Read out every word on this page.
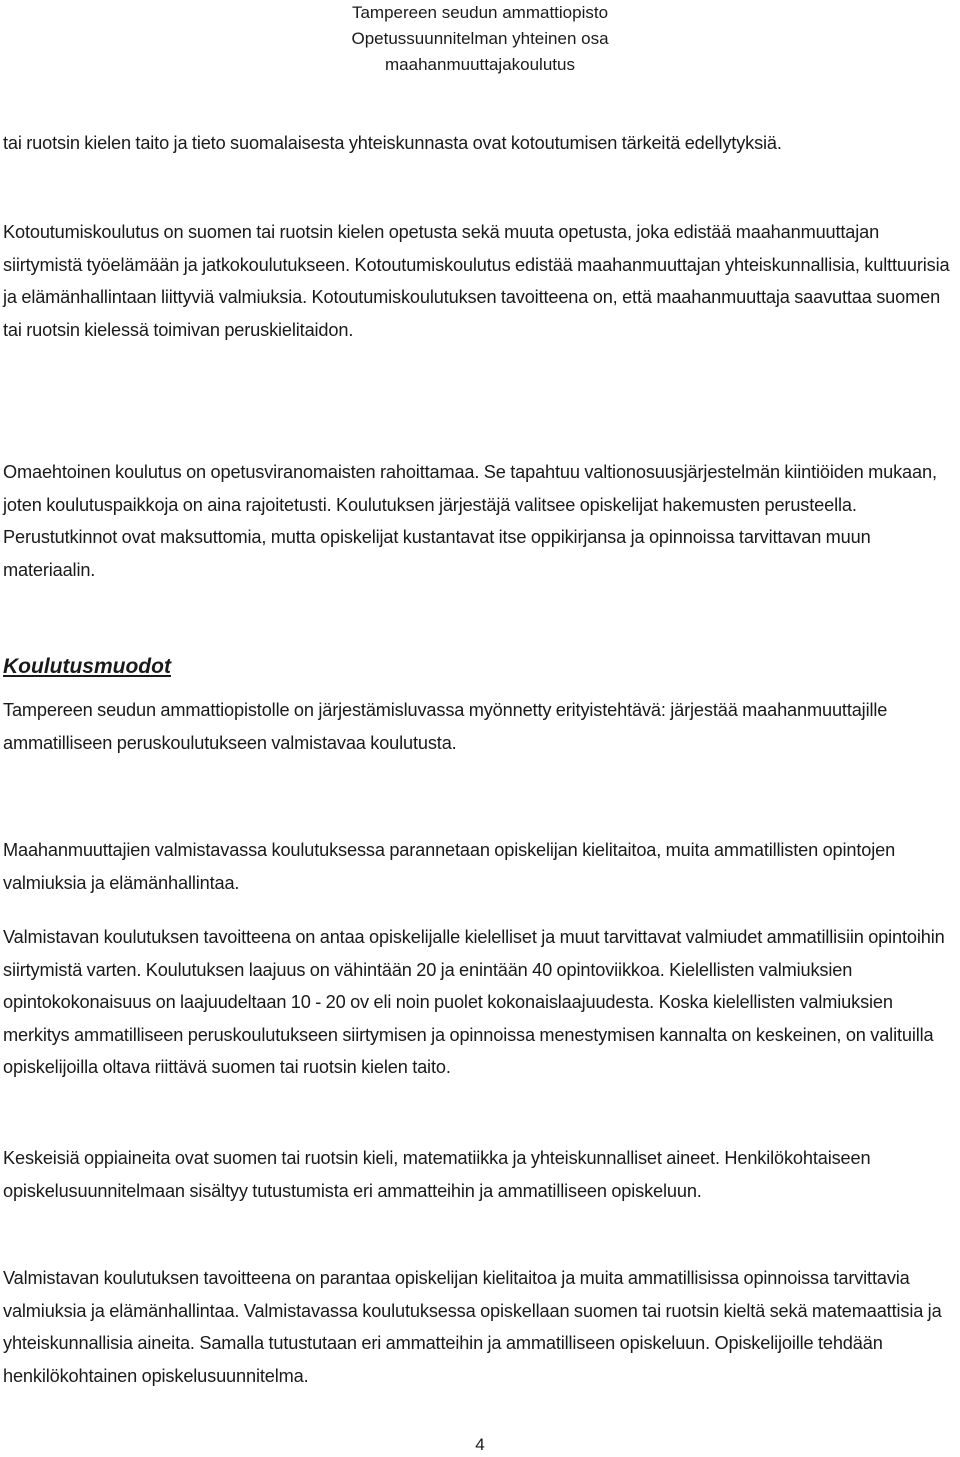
Tampereen seudun ammattiopisto
Opetussuunnitelman yhteinen osa
maahanmuuttajakoulutus

tai ruotsin kielen taito ja tieto suomalaisesta yhteiskunnasta ovat kotoutumisen tärkeitä edellytyksiä.

Kotoutumiskoulutus on suomen tai ruotsin kielen opetusta sekä muuta opetusta, joka edistää maahanmuuttajan siirtymistä työelämään ja jatkokoulutukseen. Kotoutumiskoulutus edistää maahanmuuttajan yhteiskunnallisia, kulttuurisia ja elämänhallintaan liittyviä valmiuksia. Kotoutumiskoulutuksen tavoitteena on, että maahanmuuttaja saavuttaa suomen tai ruotsin kielessä toimivan peruskielitaidon.

Omaehtoinen koulutus on opetusviranomaisten rahoittamaa. Se tapahtuu valtionosuusjärjestelmän kiintiöiden mukaan, joten koulutuspaikkoja on aina rajoitetusti. Koulutuksen järjestäjä valitsee opiskelijat hakemusten perusteella. Perustutkinnot ovat maksuttomia, mutta opiskelijat kustantavat itse oppikirjansa ja opinnoissa tarvittavan muun materiaalin.

Koulutusmuodot

Tampereen seudun ammattiopistolle on järjestämisluvassa myönnetty erityistehtävä: järjestää maahanmuuttajille ammatilliseen peruskoulutukseen valmistavaa koulutusta.

Maahanmuuttajien valmistavassa koulutuksessa parannetaan opiskelijan kielitaitoa, muita ammatillisten opintojen valmiuksia ja elämänhallintaa.

Valmistavan koulutuksen tavoitteena on antaa opiskelijalle kielelliset ja muut tarvittavat valmiudet ammatillisiin opintoihin siirtymistä varten. Koulutuksen laajuus on vähintään 20 ja enintään 40 opintoviikkoa. Kielellisten valmiuksien opintokokonaisuus on laajuudeltaan 10 - 20 ov eli noin puolet kokonaislaajuudesta. Koska kielellisten valmiuksien merkitys ammatilliseen peruskoulutukseen siirtymisen ja opinnoissa menestymisen kannalta on keskeinen, on valituilla opiskelijoilla oltava riittävä suomen tai ruotsin kielen taito.

Keskeisiä oppiaineita ovat suomen tai ruotsin kieli, matematiikka ja yhteiskunnalliset aineet. Henkilökohtaiseen opiskelusuunnitelmaan sisältyy tutustumista eri ammatteihin ja ammatilliseen opiskeluun.

Valmistavan koulutuksen tavoitteena on parantaa opiskelijan kielitaitoa ja muita ammatillisissa opinnoissa tarvittavia valmiuksia ja elämänhallintaa. Valmistavassa koulutuksessa opiskellaan suomen tai ruotsin kieltä sekä matemaattisia ja yhteiskunnallisia aineita. Samalla tutustutaan eri ammatteihin ja ammatilliseen opiskeluun. Opiskelijoille tehdään henkilökohtainen opiskelusuunnitelma.

4
